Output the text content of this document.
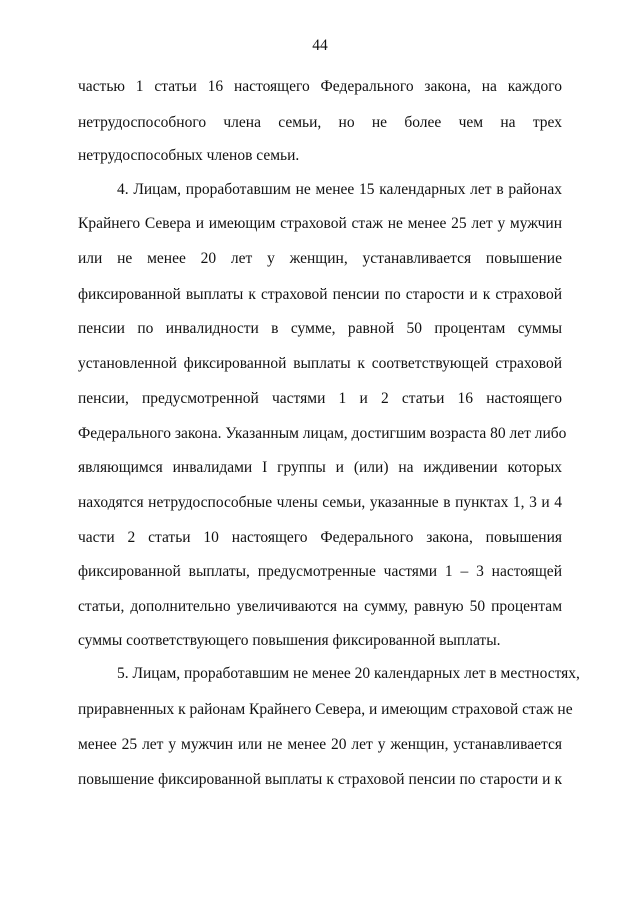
44
частью 1 статьи 16 настоящего Федерального закона, на каждого
нетрудоспособного члена семьи, но не более чем на трех
нетрудоспособных членов семьи.
4. Лицам, проработавшим не менее 15 календарных лет в районах
Крайнего Севера и имеющим страховой стаж не менее 25 лет у мужчин
или не менее 20 лет у женщин, устанавливается повышение
фиксированной выплаты к страховой пенсии по старости и к страховой
пенсии по инвалидности в сумме, равной 50 процентам суммы
установленной фиксированной выплаты к соответствующей страховой
пенсии, предусмотренной частями 1 и 2 статьи 16 настоящего
Федерального закона. Указанным лицам, достигшим возраста 80 лет либо
являющимся инвалидами I группы и (или) на иждивении которых
находятся нетрудоспособные члены семьи, указанные в пунктах 1, 3 и 4
части 2 статьи 10 настоящего Федерального закона, повышения
фиксированной выплаты, предусмотренные частями 1 – 3 настоящей
статьи, дополнительно увеличиваются на сумму, равную 50 процентам
суммы соответствующего повышения фиксированной выплаты.
5. Лицам, проработавшим не менее 20 календарных лет в местностях,
приравненных к районам Крайнего Севера, и имеющим страховой стаж не
менее 25 лет у мужчин или не менее 20 лет у женщин, устанавливается
повышение фиксированной выплаты к страховой пенсии по старости и к
